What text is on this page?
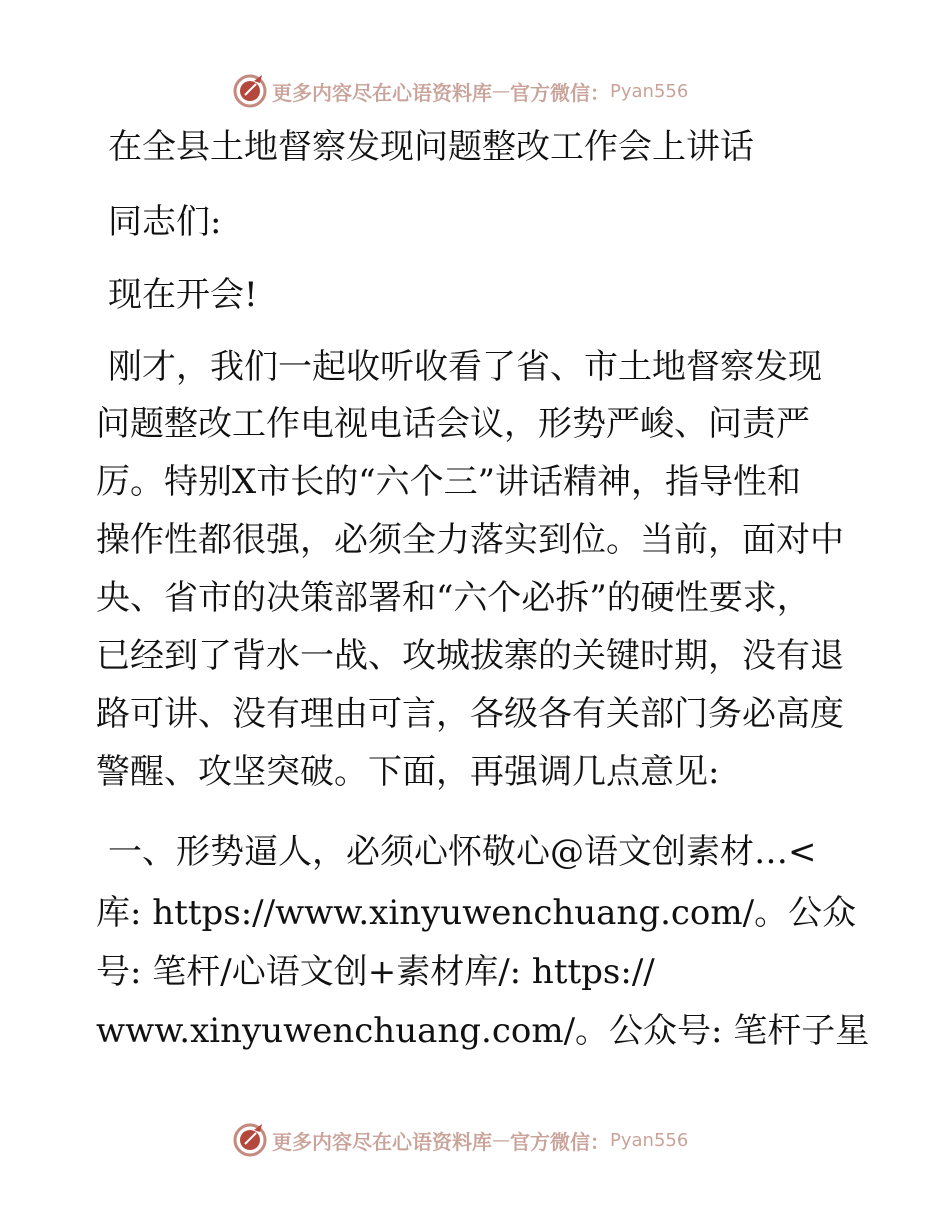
更多内容尽在心语资料库 — 官方微信： Pyan556
在全县土地督察发现问题整改工作会上讲话
同志们:
现在开会!
刚才，我们一起收听收看了省、市土地督察发现
问题整改工作电视电话会议，形势严峻、问责严
厉。特别X市长的“六个三”讲话精神，指导性和
操作性都很强，必须全力落实到位。当前，面对中
央、省市的决策部署和“六个必拆”的硬性要求，
已经到了背水一战、攻城拔寨的关键时期，没有退
路可讲、没有理由可言，各级各有关部门务必高度
警醒、攻坚突破。下面，再强调几点意见:
一、形势逼人，必须心怀敬心@语文创素材…<
库: https://www.xinyuwenchuang.com/。公众
号: 笔杆/心语文创+素材库/: https://
www.xinyuwenchuang.com/。公众号: 笔杆子星
更多内容尽在心语资料库 — 官方微信： Pyan556
